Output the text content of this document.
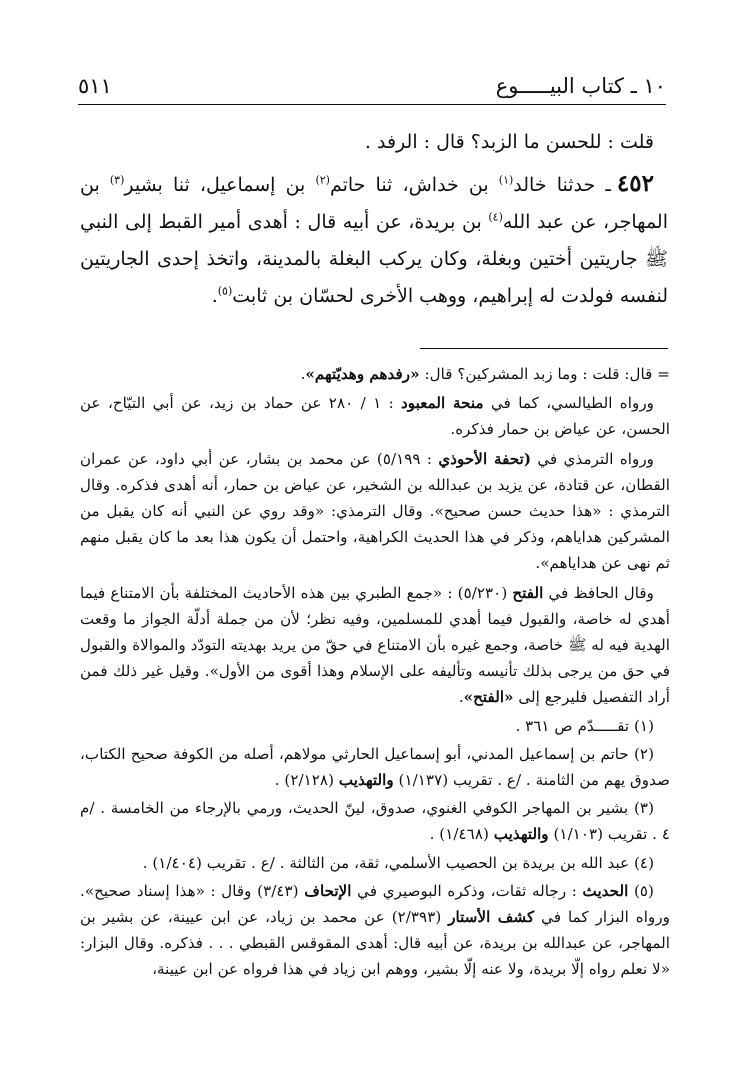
١٠ ـ كتاب البيـــــوع
٥١١

قلت : للحسن ما الزبد؟ قال : الرفد .

٤٥٢ـ حدثنا خالد$^{(١)}$ بن خداش، ثنا حاتم$^{(٢)}$ بن إسماعيل، ثنا بشير$^{(٣)}$ بن المهاجر، عن عبد الله$^{(٤)}$ بن بريدة، عن أبيه قال : أهدى أمير القبط إلى النبي ﷺ جاريتين أختين وبغلة، وكان يركب البغلة بالمدينة، واتخذ إحدى الجاريتين لنفسه فولدت له إبراهيم، ووهب الأخرى لحسّان بن ثابت$^{(٥)}$.

= قال: قلت : وما زبد المشركين؟ قال: «رفدهم وهديّتهم».

ورواه الطيالسي، كما في منحة المعبود : ١ / ٢٨٠ عن حماد بن زيد، عن أبي التيّاح، عن الحسن، عن عياض بن حمار فذكره.

ورواه الترمذي في (تحفة الأحوذي : ٥/١٩٩) عن محمد بن بشار، عن أبي داود، عن عمران القطان، عن قتادة، عن يزيد بن عبدالله بن الشخير، عن عياض بن حمار، أنه أهدى فذكره. وقال الترمذي : «هذا حديث حسن صحيح». وقال الترمذي: «وقد روي عن النبي أنه كان يقبل من المشركين هداياهم، وذكر في هذا الحديث الكراهية، واحتمل أن يكون هذا بعد ما كان يقبل منهم ثم نهى عن هداياهم».

وقال الحافظ في الفتح (٥/٢٣٠) : «جمع الطبري بين هذه الأحاديث المختلفة بأن الامتناع فيما أهدي له خاصة، والقبول فيما أهدي للمسلمين، وفيه نظر؛ لأن من جملة أدلّة الجواز ما وقعت الهدية فيه له ﷺ خاصة، وجمع غيره بأن الامتناع في حقّ من يريد بهديته التودّد والموالاة والقبول في حق من يرجى بذلك تأنيسه وتأليفه على الإسلام وهذا أقوى من الأول». وقيل غير ذلك فمن أراد التفصيل فليرجع إلى «الفتح».

(١) تقـــــدّم ص ٣٦١ .

(٢) حاتم بن إسماعيل المدني، أبو إسماعيل الحارثي مولاهم، أصله من الكوفة صحيح الكتاب، صدوق يهم من الثامنة . /ع . تقريب (١/١٣٧) والتهذيب (٢/١٢٨) .

(٣) بشير بن المهاجر الكوفي الغنوي، صدوق، لينّ الحديث، ورمي بالإرجاء من الخامسة . /م ٤ . تقريب (١/١٠٣) والتهذيب (١/٤٦٨) .

(٤) عبد الله بن بريدة بن الحصيب الأسلمي، ثقة، من الثالثة . /ع . تقريب (١/٤٠٤) .

(٥) الحديث : رجاله ثقات، وذكره البوصيري في الإتحاف (٣/٤٣) وقال : «هذا إسناد صحيح». ورواه البزار كما في كشف الأستار (٢/٣٩٣) عن محمد بن زياد، عن ابن عيينة، عن بشير بن المهاجر، عن عبدالله بن بريدة، عن أبيه قال: أهدى المقوقس القبطي . . . فذكره. وقال البزار: «لا نعلم رواه إلّا بريدة، ولا عنه إلّا بشير، ووهم ابن زياد في هذا فرواه عن ابن عيينة،
